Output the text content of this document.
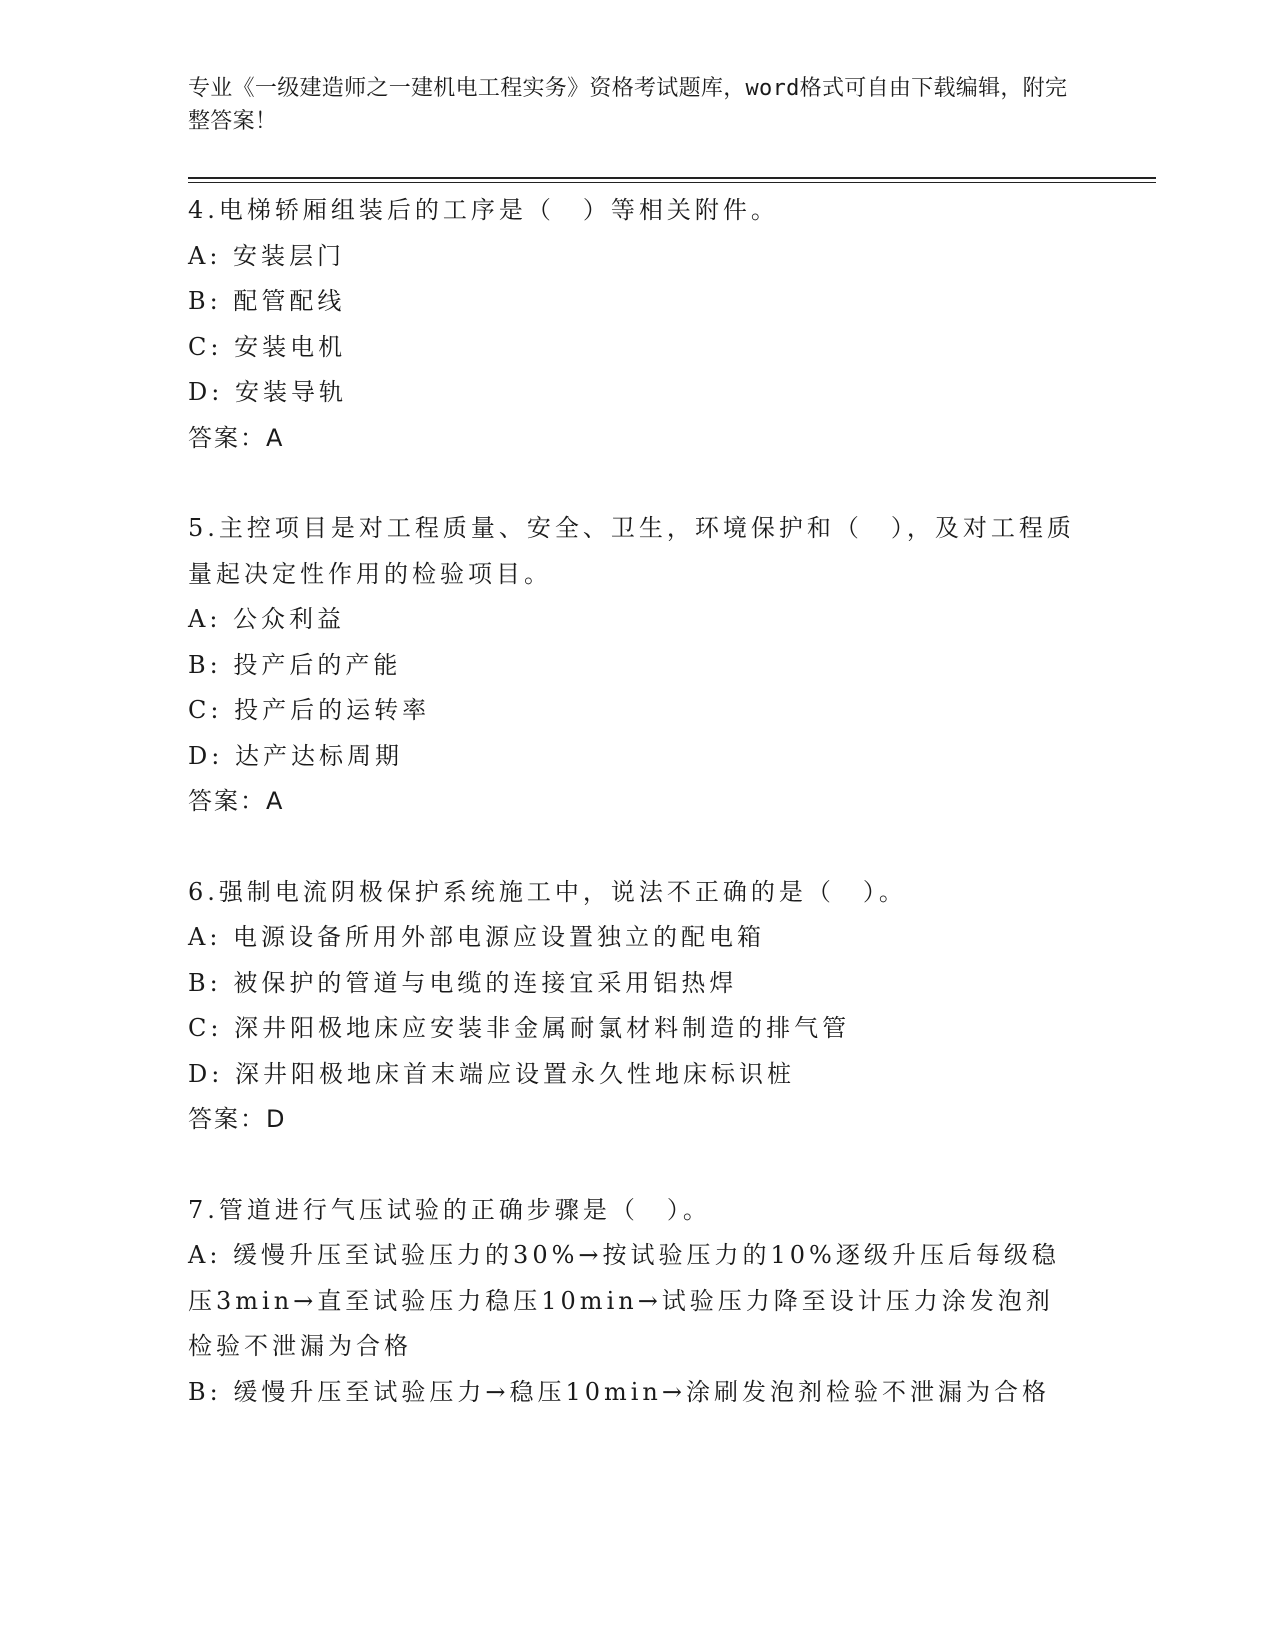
专业《一级建造师之一建机电工程实务》资格考试题库，word格式可自由下载编辑，附完整答案！
4.电梯轿厢组装后的工序是（　）等相关附件。
A: 安装层门
B: 配管配线
C: 安装电机
D: 安装导轨
答案：A
5.主控项目是对工程质量、安全、卫生，环境保护和（　），及对工程质量起决定性作用的检验项目。
A: 公众利益
B: 投产后的产能
C: 投产后的运转率
D: 达产达标周期
答案：A
6.强制电流阴极保护系统施工中，说法不正确的是（　）。
A: 电源设备所用外部电源应设置独立的配电箱
B: 被保护的管道与电缆的连接宜采用铝热焊
C: 深井阳极地床应安装非金属耐氯材料制造的排气管
D: 深井阳极地床首末端应设置永久性地床标识桩
答案：D
7.管道进行气压试验的正确步骤是（　）。
A: 缓慢升压至试验压力的30%→按试验压力的10%逐级升压后每级稳压3min→直至试验压力稳压10min→试验压力降至设计压力涂发泡剂检验不泄漏为合格
B: 缓慢升压至试验压力→稳压10min→涂刷发泡剂检验不泄漏为合格
